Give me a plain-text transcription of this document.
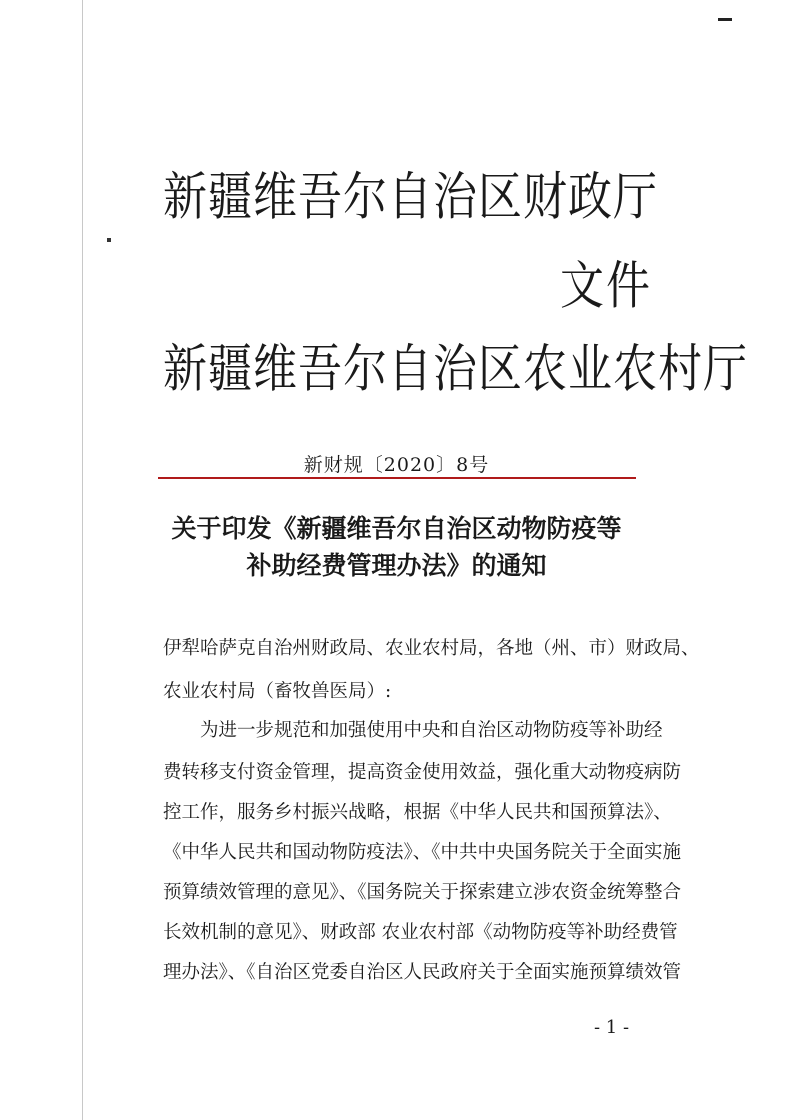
新疆维吾尔自治区财政厅
文件
新疆维吾尔自治区农业农村厅
新财规〔2020〕8号
关于印发《新疆维吾尔自治区动物防疫等
补助经费管理办法》的通知
伊犁哈萨克自治州财政局、农业农村局，各地（州、市）财政局、
农业农村局（畜牧兽医局）:
为进一步规范和加强使用中央和自治区动物防疫等补助经
费转移支付资金管理，提高资金使用效益，强化重大动物疫病防
控工作，服务乡村振兴战略，根据《中华人民共和国预算法》、
《中华人民共和国动物防疫法》、《中共中央国务院关于全面实施
预算绩效管理的意见》、《国务院关于探索建立涉农资金统筹整合
长效机制的意见》、财政部 农业农村部《动物防疫等补助经费管
理办法》、《自治区党委自治区人民政府关于全面实施预算绩效管
- 1 -
